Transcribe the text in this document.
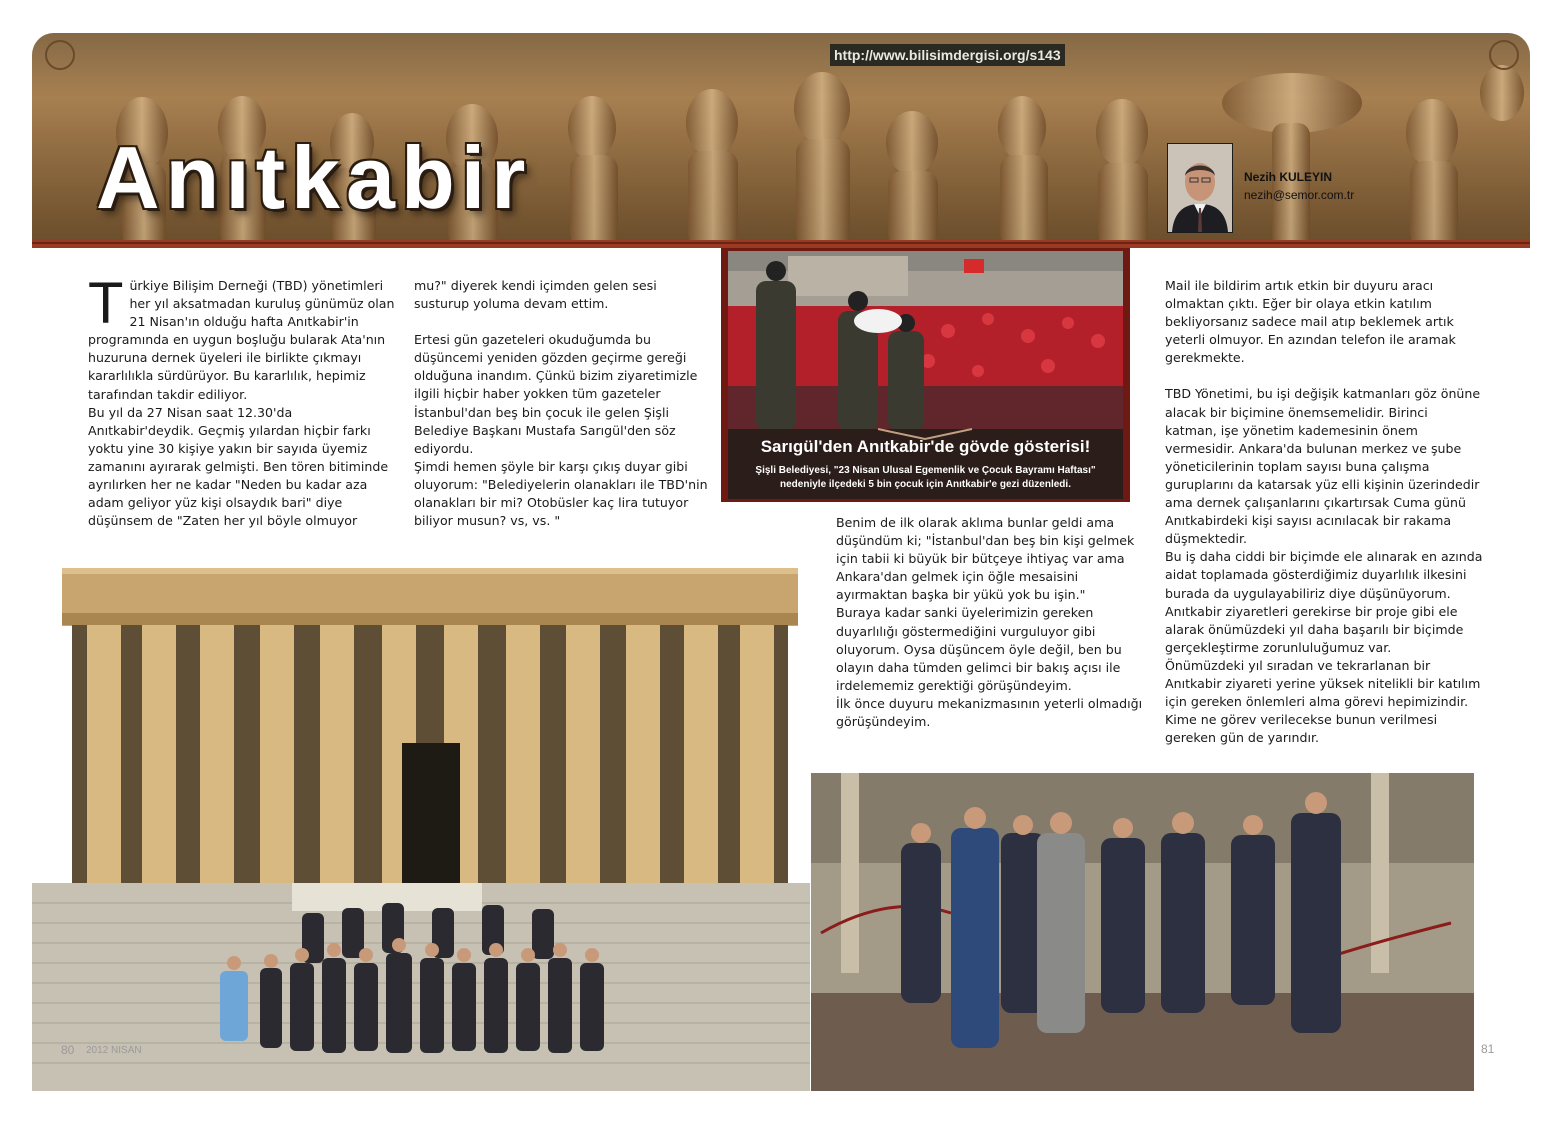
http://www.bilisimdergisi.org/s143
Anıtkabir	Nezih KULEYIN
nezih@semor.com.tr
T ürkiye Bilişim Derneği (TBD) yönetimleri her yıl aksatmadan kuruluş günümüz olan 21 Nisan'ın olduğu hafta Anıtkabir'in programında en uygun boşluğu bularak Ata'nın huzuruna dernek üyeleri ile birlikte çıkmayı kararlılıkla sürdürüyor. Bu kararlılık, hepimiz tarafından takdir ediliyor.

Bu yıl da 27 Nisan saat 12.30'da Anıtkabir'deydik. Geçmiş yılardan hiçbir farkı yoktu yine 30 kişiye yakın bir sayıda üyemiz zamanını ayırarak gelmişti. Ben tören bitiminde ayrılırken her ne kadar "Neden bu kadar aza adam geliyor yüz kişi olsaydık bari" diye düşünsem de "Zaten her yıl böyle olmuyor

mu?" diyerek kendi içimden gelen sesi susturup yoluma devam ettim.

Ertesi gün gazeteleri okuduğumda bu düşüncemi yeniden gözden geçirme gereği olduğuna inandım. Çünkü bizim ziyaretimizle ilgili hiçbir haber yokken tüm gazeteler İstanbul'dan beş bin çocuk ile gelen Şişli Belediye Başkanı Mustafa Sarıgül'den söz ediyordu.

Şimdi hemen şöyle bir karşı çıkış duyar gibi oluyorum: "Belediyelerin olanakları ile TBD'nin olanakları bir mi? Otobüsler kaç lira tutuyor biliyor musun? vs, vs. "

Sarıgül'den Anıtkabir'de gövde gösterisi!
Şişli Belediyesi, "23 Nisan Ulusal Egemenlik ve Çocuk Bayramı Haftası"
nedeniyle ilçedeki 5 bin çocuk için Anıtkabir'e gezi düzenledi.

Benim de ilk olarak aklıma bunlar geldi ama düşündüm ki; "İstanbul'dan beş bin kişi gelmek için tabii ki büyük bir bütçeye ihtiyaç var ama Ankara'dan gelmek için öğle mesaisini ayırmaktan başka bir yükü yok bu işin."

Buraya kadar sanki üyelerimizin gereken duyarlılığı göstermediğini vurguluyor gibi oluyorum. Oysa düşüncem öyle değil, ben bu olayın daha tümden gelimci bir bakış açısı ile irdelememiz gerektiği görüşündeyim.

İlk önce duyuru mekanizmasının yeterli olmadığı görüşündeyim.

Mail ile bildirim artık etkin bir duyuru aracı olmaktan çıktı. Eğer bir olaya etkin katılım bekliyorsanız sadece mail atıp beklemek artık yeterli olmuyor. En azından telefon ile aramak gerekmekte.

TBD Yönetimi, bu işi değişik katmanları göz önüne alacak bir biçimine önemsemelidir. Birinci katman, işe yönetim kademesinin önem vermesidir. Ankara'da bulunan merkez ve şube yöneticilerinin toplam sayısı buna çalışma guruplarını da katarsak yüz elli kişinin üzerindedir ama dernek çalışanlarını çıkartırsak Cuma günü Anıtkabirdeki kişi sayısı acınılacak bir rakama düşmektedir.

Bu iş daha ciddi bir biçimde ele alınarak en azında aidat toplamada gösterdiğimiz duyarlılık ilkesini burada da uygulayabiliriz diye düşünüyorum. Anıtkabir ziyaretleri gerekirse bir proje gibi ele alarak önümüzdeki yıl daha başarılı bir biçimde gerçekleştirme zorunluluğumuz var.

Önümüzdeki yıl sıradan ve tekrarlanan bir Anıtkabir ziyareti yerine yüksek nitelikli bir katılım için gereken önlemleri alma görevi hepimizindir. Kime ne görev verilecekse bunun verilmesi gereken gün de yarındır.

80 2012 NISAN	81
